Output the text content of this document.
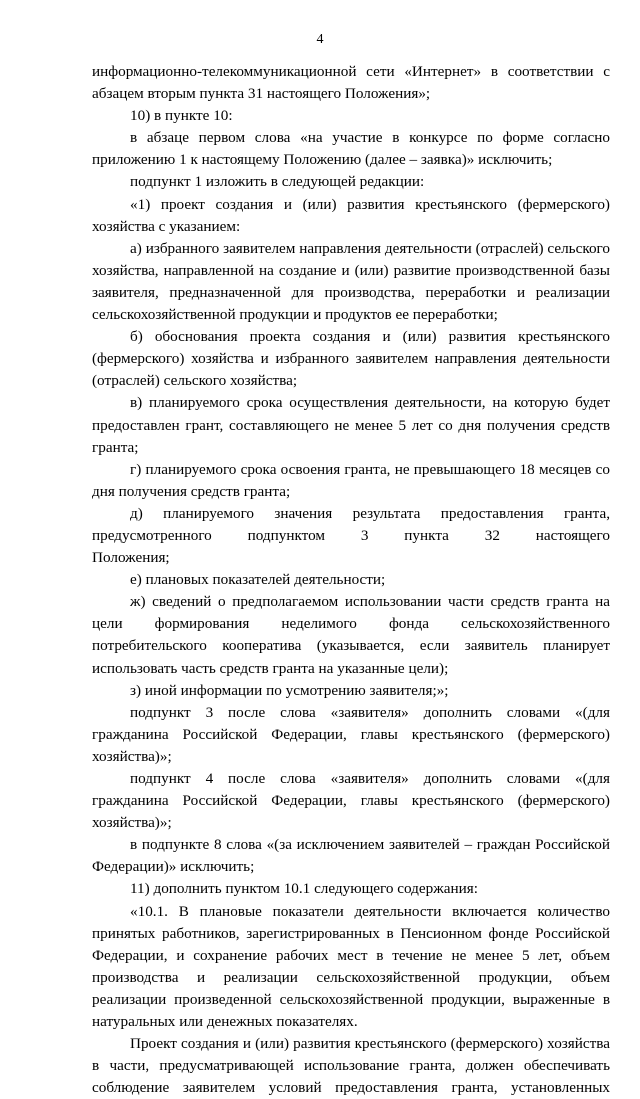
4

информационно-телекоммуникационной сети «Интернет» в соответствии с абзацем вторым пункта 31 настоящего Положения»;

10) в пункте 10:

в абзаце первом слова «на участие в конкурсе по форме согласно приложению 1 к настоящему Положению (далее – заявка)» исключить;

подпункт 1 изложить в следующей редакции:

«1) проект создания и (или) развития крестьянского (фермерского) хозяйства с указанием:

а) избранного заявителем направления деятельности (отраслей) сельского хозяйства, направленной на создание и (или) развитие производственной базы заявителя, предназначенной для производства, переработки и реализации сельскохозяйственной продукции и продуктов ее переработки;

б) обоснования проекта создания и (или) развития крестьянского (фермерского) хозяйства и избранного заявителем направления деятельности (отраслей) сельского хозяйства;

в) планируемого срока осуществления деятельности, на которую будет предоставлен грант, составляющего не менее 5 лет со дня получения средств гранта;

г) планируемого срока освоения гранта, не превышающего 18 месяцев со дня получения средств гранта;

д) планируемого значения результата предоставления гранта, предусмотренного подпунктом 3 пункта 32 настоящего Положения;

е) плановых показателей деятельности;

ж) сведений о предполагаемом использовании части средств гранта на цели формирования неделимого фонда сельскохозяйственного потребительского кооператива (указывается, если заявитель планирует использовать часть средств гранта на указанные цели);

з) иной информации по усмотрению заявителя;»;

подпункт 3 после слова «заявителя» дополнить словами «(для гражданина Российской Федерации, главы крестьянского (фермерского) хозяйства)»;

подпункт 4 после слова «заявителя» дополнить словами «(для гражданина Российской Федерации, главы крестьянского (фермерского) хозяйства)»;

в подпункте 8 слова «(за исключением заявителей – граждан Российской Федерации)» исключить;

11) дополнить пунктом 10.1 следующего содержания:

«10.1. В плановые показатели деятельности включается количество принятых работников, зарегистрированных в Пенсионном фонде Российской Федерации, и сохранение рабочих мест в течение не менее 5 лет, объем производства и реализации сельскохозяйственной продукции, объем реализации произведенной сельскохозяйственной продукции, выраженные в натуральных или денежных показателях.

Проект создания и (или) развития крестьянского (фермерского) хозяйства в части, предусматривающей использование гранта, должен обеспечивать соблюдение заявителем условий предоставления гранта, установленных
